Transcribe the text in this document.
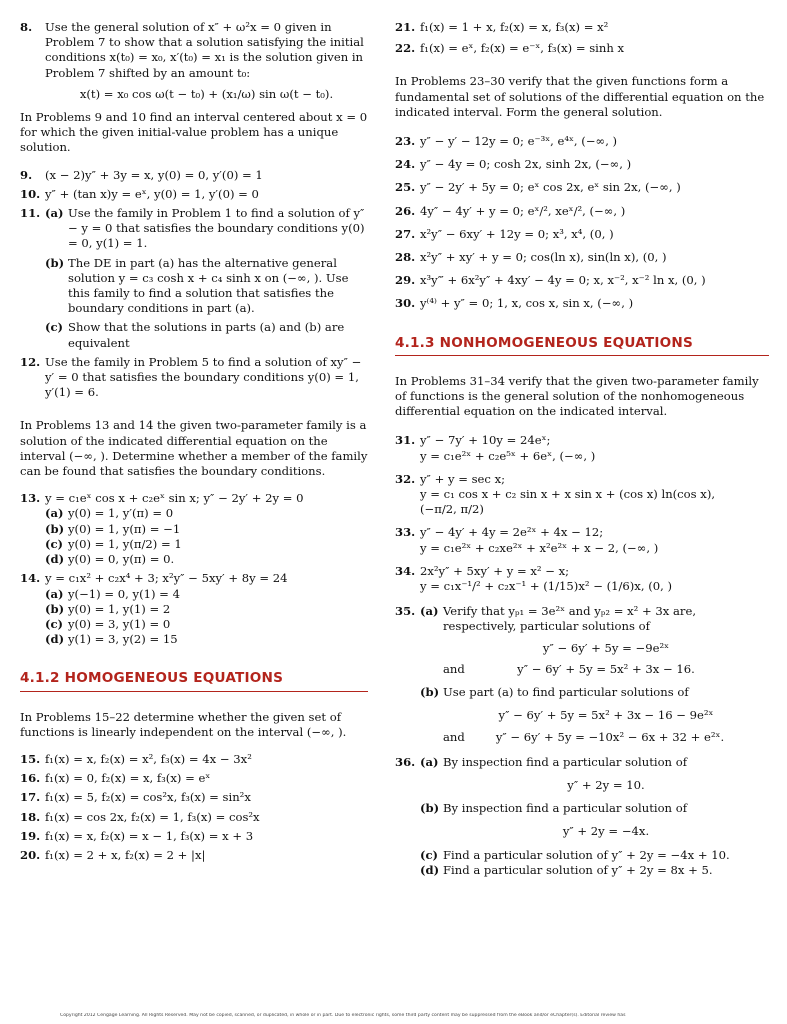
8. Use the general solution of x″ + ω²x = 0 given in Problem 7 to show that a solution satisfying the initial conditions x(t₀) = x₀, x′(t₀) = x₁ is the solution given in Problem 7 shifted by an amount t₀:
x(t) = x₀ cos ω(t − t₀) + (x₁/ω) sin ω(t − t₀).

In Problems 9 and 10 find an interval centered about x = 0 for which the given initial-value problem has a unique solution.

9. (x − 2)y″ + 3y = x, y(0) = 0, y′(0) = 1
10. y″ + (tan x)y = eˣ, y(0) = 1, y′(0) = 0
11. (a) Use the family in Problem 1 to find a solution of y″ − y = 0 that satisfies the boundary conditions y(0) = 0, y(1) = 1.
(b) The DE in part (a) has the alternative general solution y = c₃ cosh x + c₄ sinh x on (−∞, ). Use this family to find a solution that satisfies the boundary conditions in part (a).
(c) Show that the solutions in parts (a) and (b) are equivalent
12. Use the family in Problem 5 to find a solution of xy″ − y′ = 0 that satisfies the boundary conditions y(0) = 1, y′(1) = 6.

In Problems 13 and 14 the given two-parameter family is a solution of the indicated differential equation on the interval (−∞, ). Determine whether a member of the family can be found that satisfies the boundary conditions.

13. y = c₁eˣ cos x + c₂eˣ sin x; y″ − 2y′ + 2y = 0
(a) y(0) = 1, y′(π) = 0
(b) y(0) = 1, y(π) = −1
(c) y(0) = 1, y(π/2) = 1
(d) y(0) = 0, y(π) = 0.
14. y = c₁x² + c₂x⁴ + 3; x²y″ − 5xy′ + 8y = 24
(a) y(−1) = 0, y(1) = 4
(b) y(0) = 1, y(1) = 2
(c) y(0) = 3, y(1) = 0
(d) y(1) = 3, y(2) = 15
4.1.2 HOMOGENEOUS EQUATIONS

In Problems 15–22 determine whether the given set of functions is linearly independent on the interval (−∞, ).

15. f₁(x) = x, f₂(x) = x², f₃(x) = 4x − 3x²
16. f₁(x) = 0, f₂(x) = x, f₃(x) = eˣ
17. f₁(x) = 5, f₂(x) = cos²x, f₃(x) = sin²x
18. f₁(x) = cos 2x, f₂(x) = 1, f₃(x) = cos²x
19. f₁(x) = x, f₂(x) = x − 1, f₃(x) = x + 3
20. f₁(x) = 2 + x, f₂(x) = 2 + |x|
21. f₁(x) = 1 + x, f₂(x) = x, f₃(x) = x²
22. f₁(x) = eˣ, f₂(x) = e⁻ˣ, f₃(x) = sinh x

In Problems 23–30 verify that the given functions form a fundamental set of solutions of the differential equation on the indicated interval. Form the general solution.

23. y″ − y′ − 12y = 0; e⁻³ˣ, e⁴ˣ, (−∞, )
24. y″ − 4y = 0; cosh 2x, sinh 2x, (−∞, )
25. y″ − 2y′ + 5y = 0; eˣ cos 2x, eˣ sin 2x, (−∞, )
26. 4y″ − 4y′ + y = 0; eˣ/², xeˣ/², (−∞, )
27. x²y″ − 6xy′ + 12y = 0; x³, x⁴, (0, )
28. x²y″ + xy′ + y = 0; cos(ln x), sin(ln x), (0, )
29. x³y‴ + 6x²y″ + 4xy′ − 4y = 0; x, x⁻², x⁻² ln x, (0, )
30. y⁽⁴⁾ + y″ = 0; 1, x, cos x, sin x, (−∞, )
4.1.3 NONHOMOGENEOUS EQUATIONS

In Problems 31–34 verify that the given two-parameter family of functions is the general solution of the nonhomogeneous differential equation on the indicated interval.

31. y″ − 7y′ + 10y = 24eˣ;
y = c₁e²ˣ + c₂e⁵ˣ + 6eˣ, (−∞, )
32. y″ + y = sec x;
y = c₁ cos x + c₂ sin x + x sin x + (cos x) ln(cos x),
(−π/2, π/2)
33. y″ − 4y′ + 4y = 2e²ˣ + 4x − 12;
y = c₁e²ˣ + c₂xe²ˣ + x²e²ˣ + x − 2, (−∞, )
34. 2x²y″ + 5xy′ + y = x² − x;
y = c₁x⁻¹/² + c₂x⁻¹ + (1/15)x² − (1/6)x, (0, )
35. (a) Verify that yₚ₁ = 3e²ˣ and yₚ₂ = x² + 3x are, respectively, particular solutions of
y″ − 6y′ + 5y = −9e²ˣ
and	y″ − 6y′ + 5y = 5x² + 3x − 16.
(b) Use part (a) to find particular solutions of
y″ − 6y′ + 5y = 5x² + 3x − 16 − 9e²ˣ
and	y″ − 6y′ + 5y = −10x² − 6x + 32 + e²ˣ.
36. (a) By inspection find a particular solution of
y″ + 2y = 10.
(b) By inspection find a particular solution of
y″ + 2y = −4x.
(c) Find a particular solution of y″ + 2y = −4x + 10.
(d) Find a particular solution of y″ + 2y = 8x + 5.
Copyright 2012 Cengage Learning. All Rights Reserved. May not be copied, scanned, or duplicated, in whole or in part. Due to electronic rights, some third party content may be suppressed from the eBook and/or eChapter(s). Editorial review has
